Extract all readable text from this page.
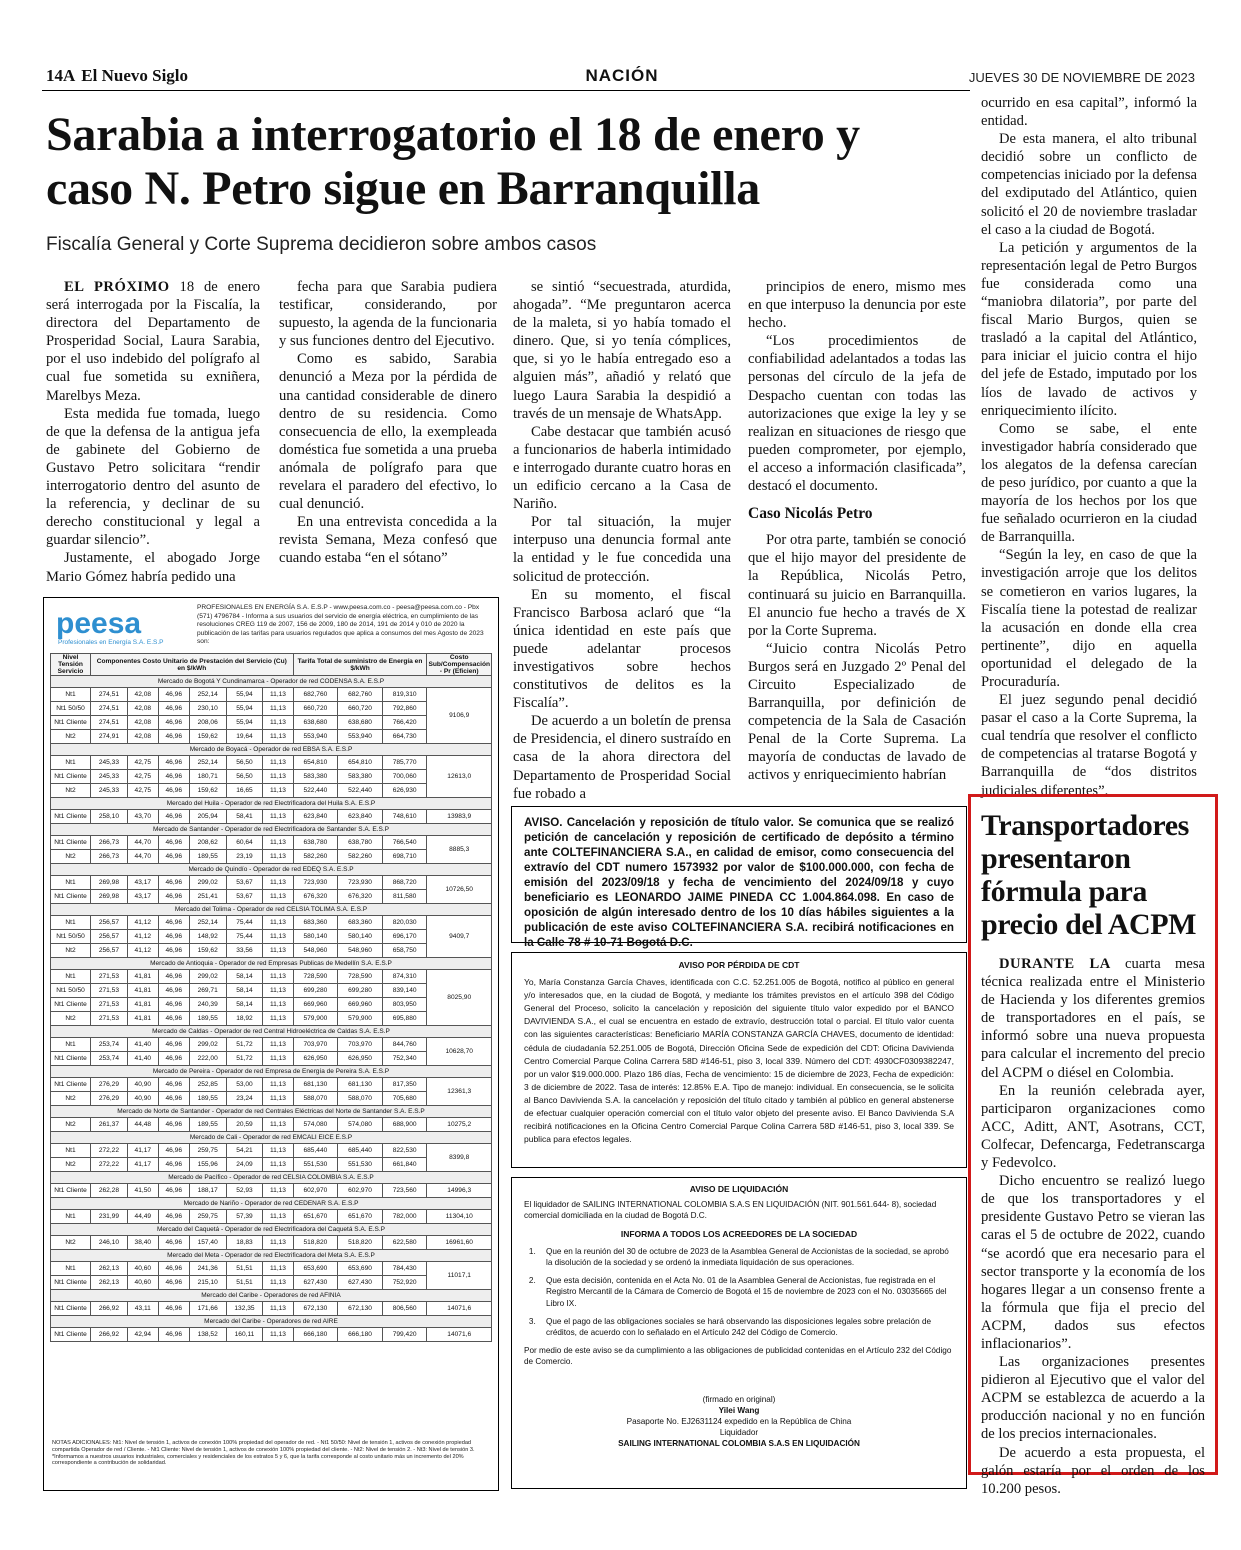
14A El Nuevo Siglo	NACIÓN	JUEVES 30 DE NOVIEMBRE DE 2023
Sarabia a interrogatorio el 18 de enero y caso N. Petro sigue en Barranquilla
Fiscalía General y Corte Suprema decidieron sobre ambos casos

EL PRÓXIMO 18 de enero será interrogada por la Fiscalía, la directora del Departamento de Prosperidad Social, Laura Sarabia, por el uso indebido del polígrafo al cual fue sometida su exniñera, Marelbys Meza.

Esta medida fue tomada, luego de que la defensa de la antigua jefa de gabinete del Gobierno de Gustavo Petro solicitara “rendir interrogatorio dentro del asunto de la referencia, y declinar de su derecho constitucional y legal a guardar silencio”.

Justamente, el abogado Jorge Mario Gómez habría pedido una

fecha para que Sarabia pudiera testificar, considerando, por supuesto, la agenda de la funcionaria y sus funciones dentro del Ejecutivo.

Como es sabido, Sarabia denunció a Meza por la pérdida de una cantidad considerable de dinero dentro de su residencia. Como consecuencia de ello, la exempleada doméstica fue sometida a una prueba anómala de polígrafo para que revelara el paradero del efectivo, lo cual denunció.

En una entrevista concedida a la revista Semana, Meza confesó que cuando estaba “en el sótano”

se sintió “secuestrada, aturdida, ahogada”. “Me preguntaron acerca de la maleta, si yo había tomado el dinero. Que, si yo tenía cómplices, que, si yo le había entregado eso a alguien más”, añadió y relató que luego Laura Sarabia la despidió a través de un mensaje de WhatsApp.

Cabe destacar que también acusó a funcionarios de haberla intimidado e interrogado durante cuatro horas en un edificio cercano a la Casa de Nariño.

Por tal situación, la mujer interpuso una denuncia formal ante la entidad y le fue concedida una solicitud de protección.

En su momento, el fiscal Francisco Barbosa aclaró que “la única identidad en este país que puede adelantar procesos investigativos sobre hechos constitutivos de delitos es la Fiscalía”.

De acuerdo a un boletín de prensa de Presidencia, el dinero sustraído en casa de la ahora directora del Departamento de Prosperidad Social fue robado a

principios de enero, mismo mes en que interpuso la denuncia por este hecho.

“Los procedimientos de confiabilidad adelantados a todas las personas del círculo de la jefa de Despacho cuentan con todas las autorizaciones que exige la ley y se realizan en situaciones de riesgo que pueden comprometer, por ejemplo, el acceso a información clasificada”, destacó el documento.

Caso Nicolás Petro

Por otra parte, también se conoció que el hijo mayor del presidente de la República, Nicolás Petro, continuará su juicio en Barranquilla. El anuncio fue hecho a través de X por la Corte Suprema.

“Juicio contra Nicolás Petro Burgos será en Juzgado 2º Penal del Circuito Especializado de Barranquilla, por definición de competencia de la Sala de Casación Penal de la Corte Suprema. La mayoría de conductas de lavado de activos y enriquecimiento habrían

ocurrido en esa capital”, informó la entidad.

De esta manera, el alto tribunal decidió sobre un conflicto de competencias iniciado por la defensa del exdiputado del Atlántico, quien solicitó el 20 de noviembre trasladar el caso a la ciudad de Bogotá.

La petición y argumentos de la representación legal de Petro Burgos fue considerada como una “maniobra dilatoria”, por parte del fiscal Mario Burgos, quien se trasladó a la capital del Atlántico, para iniciar el juicio contra el hijo del jefe de Estado, imputado por los líos de lavado de activos y enriquecimiento ilícito.

Como se sabe, el ente investigador habría considerado que los alegatos de la defensa carecían de peso jurídico, por cuanto a que la mayoría de los hechos por los que fue señalado ocurrieron en la ciudad de Barranquilla.

“Según la ley, en caso de que la investigación arroje que los delitos se cometieron en varios lugares, la Fiscalía tiene la potestad de realizar la acusación en donde ella crea pertinente”, dijo en aquella oportunidad el delegado de la Procuraduría.

El juez segundo penal decidió pasar el caso a la Corte Suprema, la cual tendría que resolver el conflicto de competencias al tratarse Bogotá y Barranquilla de “dos distritos judiciales diferentes”.

peesa
Profesionales en Energía S.A. E.S.P
PROFESIONALES EN ENERGÍA S.A. E.S.P - www.peesa.com.co - peesa@peesa.com.co - Pbx (571) 4796784 - Informa a sus usuarios del servicio de energía eléctrica, en cumplimiento de las resoluciones CREG 119 de 2007, 156 de 2009, 180 de 2014, 191 de 2014 y 010 de 2020 la publicación de las tarifas para usuarios regulados que aplica a consumos del mes Agosto de 2023 son:
Nivel Tensión Servicio	Componentes Costo Unitario de Prestación del Servicio (Cu) en $/kWh						Tarifa Total de suministro de Energía en $/kWh			Costo Sub/Compensación - Pr (Eficien)
Mercado de Bogotá Y Cundinamarca - Operador de red CODENSA S.A. E.S.P										
Nt1	274,51	42,08	46,96	252,14	55,94	11,13	682,760	682,760	819,310	9106,9
Nt1 50/50	274,51	42,08	46,96	230,10	55,94	11,13	660,720	660,720	792,860	
Nt1 Cliente	274,51	42,08	46,96	208,06	55,94	11,13	638,680	638,680	766,420	
Nt2	274,91	42,08	46,96	159,62	19,64	11,13	553,940	553,940	664,730	
Mercado de Boyacá - Operador de red EBSA S.A. E.S.P										
Nt1	245,33	42,75	46,96	252,14	56,50	11,13	654,810	654,810	785,770	12613,0
Nt1 Cliente	245,33	42,75	46,96	180,71	56,50	11,13	583,380	583,380	700,060	
Nt2	245,33	42,75	46,96	159,62	16,65	11,13	522,440	522,440	626,930	
Mercado del Huila - Operador de red Electrificadora del Huila S.A. E.S.P										
Nt1 Cliente	258,10	43,70	46,96	205,94	58,41	11,13	623,840	623,840	748,610	13983,9
Mercado de Santander - Operador de red Electrificadora de Santander S.A. E.S.P										
Nt1 Cliente	266,73	44,70	46,96	208,62	60,64	11,13	638,780	638,780	766,540	8885,3
Nt2	266,73	44,70	46,96	189,55	23,19	11,13	582,260	582,260	698,710	
Mercado de Quindío - Operador de red EDEQ S.A. E.S.P										
Nt1	269,98	43,17	46,96	299,02	53,67	11,13	723,930	723,930	868,720	10726,50
Nt1 Cliente	269,98	43,17	46,96	251,41	53,67	11,13	676,320	676,320	811,580	
Mercado del Tolima - Operador de red CELSIA TOLIMA S.A. E.S.P										
Nt1	256,57	41,12	46,96	252,14	75,44	11,13	683,360	683,360	820,030	9409,7
Nt1 50/50	256,57	41,12	46,96	148,92	75,44	11,13	580,140	580,140	696,170	
Nt2	256,57	41,12	46,96	159,62	33,56	11,13	548,960	548,960	658,750	
Mercado de Antioquia - Operador de red Empresas Publicas de Medellín S.A. E.S.P										
Nt1	271,53	41,81	46,96	299,02	58,14	11,13	728,590	728,590	874,310	8025,90
Nt1 50/50	271,53	41,81	46,96	269,71	58,14	11,13	699,280	699,280	839,140	
Nt1 Cliente	271,53	41,81	46,96	240,39	58,14	11,13	669,960	669,960	803,950	
Nt2	271,53	41,81	46,96	189,55	18,92	11,13	579,900	579,900	695,880	
Mercado de Caldas - Operador de red Central Hidroeléctrica de Caldas S.A. E.S.P										
Nt1	253,74	41,40	46,96	299,02	51,72	11,13	703,970	703,970	844,760	10628,70
Nt1 Cliente	253,74	41,40	46,96	222,00	51,72	11,13	626,950	626,950	752,340	
Mercado de Pereira - Operador de red Empresa de Energía de Pereira S.A. E.S.P										
Nt1 Cliente	276,29	40,90	46,96	252,85	53,00	11,13	681,130	681,130	817,350	12361,3
Nt2	276,29	40,90	46,96	189,55	23,24	11,13	588,070	588,070	705,680	
Mercado de Norte de Santander - Operador de red Centrales Eléctricas del Norte de Santander S.A. E.S.P										
Nt2	261,37	44,48	46,96	189,55	20,59	11,13	574,080	574,080	688,900	10275,2
Mercado de Cali - Operador de red EMCALI EICE E.S.P										
Nt1	272,22	41,17	46,96	259,75	54,21	11,13	685,440	685,440	822,530	8399,8
Nt2	272,22	41,17	46,96	155,96	24,09	11,13	551,530	551,530	661,840	
Mercado de Pacífico - Operador de red CELSIA COLOMBIA S.A. E.S.P										
Nt1 Cliente	262,28	41,50	46,96	188,17	52,93	11,13	602,970	602,970	723,560	14996,3
Mercado de Nariño - Operador de red CEDENAR S.A. E.S.P										
Nt1	231,99	44,49	46,96	259,75	57,39	11,13	651,670	651,670	782,000	11304,10
Mercado del Caquetá - Operador de red Electrificadora del Caquetá S.A. E.S.P										
Nt2	246,10	38,40	46,96	157,40	18,83	11,13	518,820	518,820	622,580	16961,60
Mercado del Meta - Operador de red Electrificadora del Meta S.A. E.S.P										
Nt1	262,13	40,60	46,96	241,36	51,51	11,13	653,690	653,690	784,430	11017,1
Nt1 Cliente	262,13	40,60	46,96	215,10	51,51	11,13	627,430	627,430	752,920	
Mercado del Caribe - Operadores de red AFINIA										
Nt1 Cliente	266,92	43,11	46,96	171,66	132,35	11,13	672,130	672,130	806,560	14071,6
Mercado del Caribe - Operadores de red AIRE										
Nt1 Cliente	266,92	42,94	46,96	138,52	160,11	11,13	666,180	666,180	799,420	14071,6
NOTAS ADICIONALES: Nt1: Nivel de tensión 1, activos de conexión 100% propiedad del operador de red. - Nt1 50/50: Nivel de tensión 1, activos de conexión propiedad compartida Operador de red / Cliente. - Nt1 Cliente: Nivel de tensión 1, activos de conexión 100% propiedad del cliente. - Nt2: Nivel de tensión 2. - Nt3: Nivel de tensión 3. *Informamos a nuestros usuarios industriales, comerciales y residenciales de los estratos 5 y 6, que la tarifa corresponde al costo unitario más un incremento del 20% correspondiente a contribución de solidaridad.
AVISO. Cancelación y reposición de título valor. Se comunica que se realizó petición de cancelación y reposición de certificado de depósito a término ante COLTEFINANCIERA S.A., en calidad de emisor, como consecuencia del extravío del CDT numero 1573932 por valor de $100.000.000, con fecha de emisión del 2023/09/18 y fecha de vencimiento del 2024/09/18 y cuyo beneficiario es LEONARDO JAIME PINEDA CC 1.004.864.098. En caso de oposición de algún interesado dentro de los 10 días hábiles siguientes a la publicación de este aviso COLTEFINANCIERA S.A. recibirá notificaciones en la Calle 78 # 10-71 Bogotá D.C.
AVISO POR PÉRDIDA DE CDT
Yo, María Constanza García Chaves, identificada con C.C. 52.251.005 de Bogotá, notifico al público en general y/o interesados que, en la ciudad de Bogotá, y mediante los trámites previstos en el artículo 398 del Código General del Proceso, solicito la cancelación y reposición del siguiente título valor expedido por el BANCO DAVIVIENDA S.A., el cual se encuentra en estado de extravío, destrucción total o parcial. El título valor cuenta con las siguientes características: Beneficiario MARÍA CONSTANZA GARCÍA CHAVES, documento de identidad: cédula de ciudadanía 52.251.005 de Bogotá, Dirección Oficina Sede de expedición del CDT: Oficina Davivienda Centro Comercial Parque Colina Carrera 58D #146-51, piso 3, local 339. Número del CDT: 4930CF0309382247, por un valor $19.000.000. Plazo 186 días, Fecha de vencimiento: 15 de diciembre de 2023, Fecha de expedición: 3 de diciembre de 2022. Tasa de interés: 12.85% E.A. Tipo de manejo: individual. En consecuencia, se le solicita al Banco Davivienda S.A. la cancelación y reposición del título citado y también al público en general abstenerse de efectuar cualquier operación comercial con el título valor objeto del presente aviso. El Banco Davivienda S.A recibirá notificaciones en la Oficina Centro Comercial Parque Colina Carrera 58D #146-51, piso 3, local 339. Se publica para efectos legales.
AVISO DE LIQUIDACIÓN
El liquidador de SAILING INTERNATIONAL COLOMBIA S.A.S EN LIQUIDACIÓN (NIT. 901.561.644- 8), sociedad comercial domiciliada en la ciudad de Bogotá D.C.
INFORMA A TODOS LOS ACREEDORES DE LA SOCIEDAD
1. Que en la reunión del 30 de octubre de 2023 de la Asamblea General de Accionistas de la sociedad, se aprobó la disolución de la sociedad y se ordenó la inmediata liquidación de sus operaciones.
2. Que esta decisión, contenida en el Acta No. 01 de la Asamblea General de Accionistas, fue registrada en el Registro Mercantil de la Cámara de Comercio de Bogotá el 15 de noviembre de 2023 con el No. 03035665 del Libro IX.
3. Que el pago de las obligaciones sociales se hará observando las disposiciones legales sobre prelación de créditos, de acuerdo con lo señalado en el Artículo 242 del Código de Comercio.
Por medio de este aviso se da cumplimiento a las obligaciones de publicidad contenidas en el Artículo 232 del Código de Comercio.
(firmado en original)
Yilei Wang
Pasaporte No. EJ2631124 expedido en la República de China
Liquidador
SAILING INTERNATIONAL COLOMBIA S.A.S EN LIQUIDACIÓN
Transportadores presentaron fórmula para precio del ACPM

DURANTE LA cuarta mesa técnica realizada entre el Ministerio de Hacienda y los diferentes gremios de transportadores en el país, se informó sobre una nueva propuesta para calcular el incremento del precio del ACPM o diésel en Colombia.

En la reunión celebrada ayer, participaron organizaciones como ACC, Aditt, ANT, Asotrans, CCT, Colfecar, Defencarga, Fedetranscarga y Fedevolco.

Dicho encuentro se realizó luego de que los transportadores y el presidente Gustavo Petro se vieran las caras el 5 de octubre de 2022, cuando “se acordó que era necesario para el sector transporte y la economía de los hogares llegar a un consenso frente a la fórmula que fija el precio del ACPM, dados sus efectos inflacionarios”.

Las organizaciones presentes pidieron al Ejecutivo que el valor del ACPM se establezca de acuerdo a la producción nacional y no en función de los precios internacionales.

De acuerdo a esta propuesta, el galón estaría por el orden de los 10.200 pesos.
